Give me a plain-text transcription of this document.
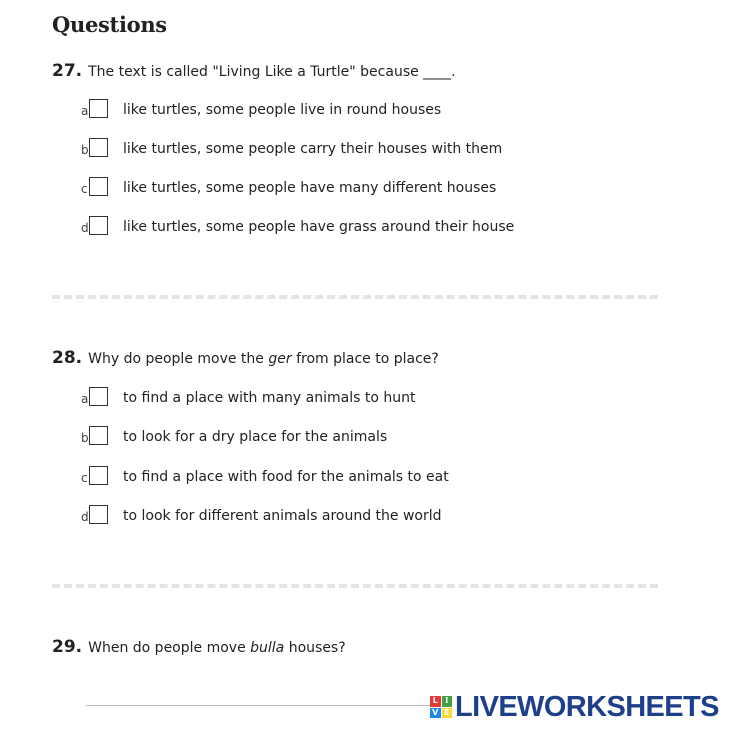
Questions
27. The text is called "Living Like a Turtle" because ____.
a like turtles, some people live in round houses
b like turtles, some people carry their houses with them
c	like turtles, some people have many different houses
d like turtles, some people have grass around their house
28. Why do people move the ger from place to place?
a to find a place with many animals to hunt
b to look for a dry place for the animals
c	to find a place with food for the animals to eat
d to look for different animals around the world
29. When do people move bulla houses?
L I
V E LIVEWORKSHEETS
